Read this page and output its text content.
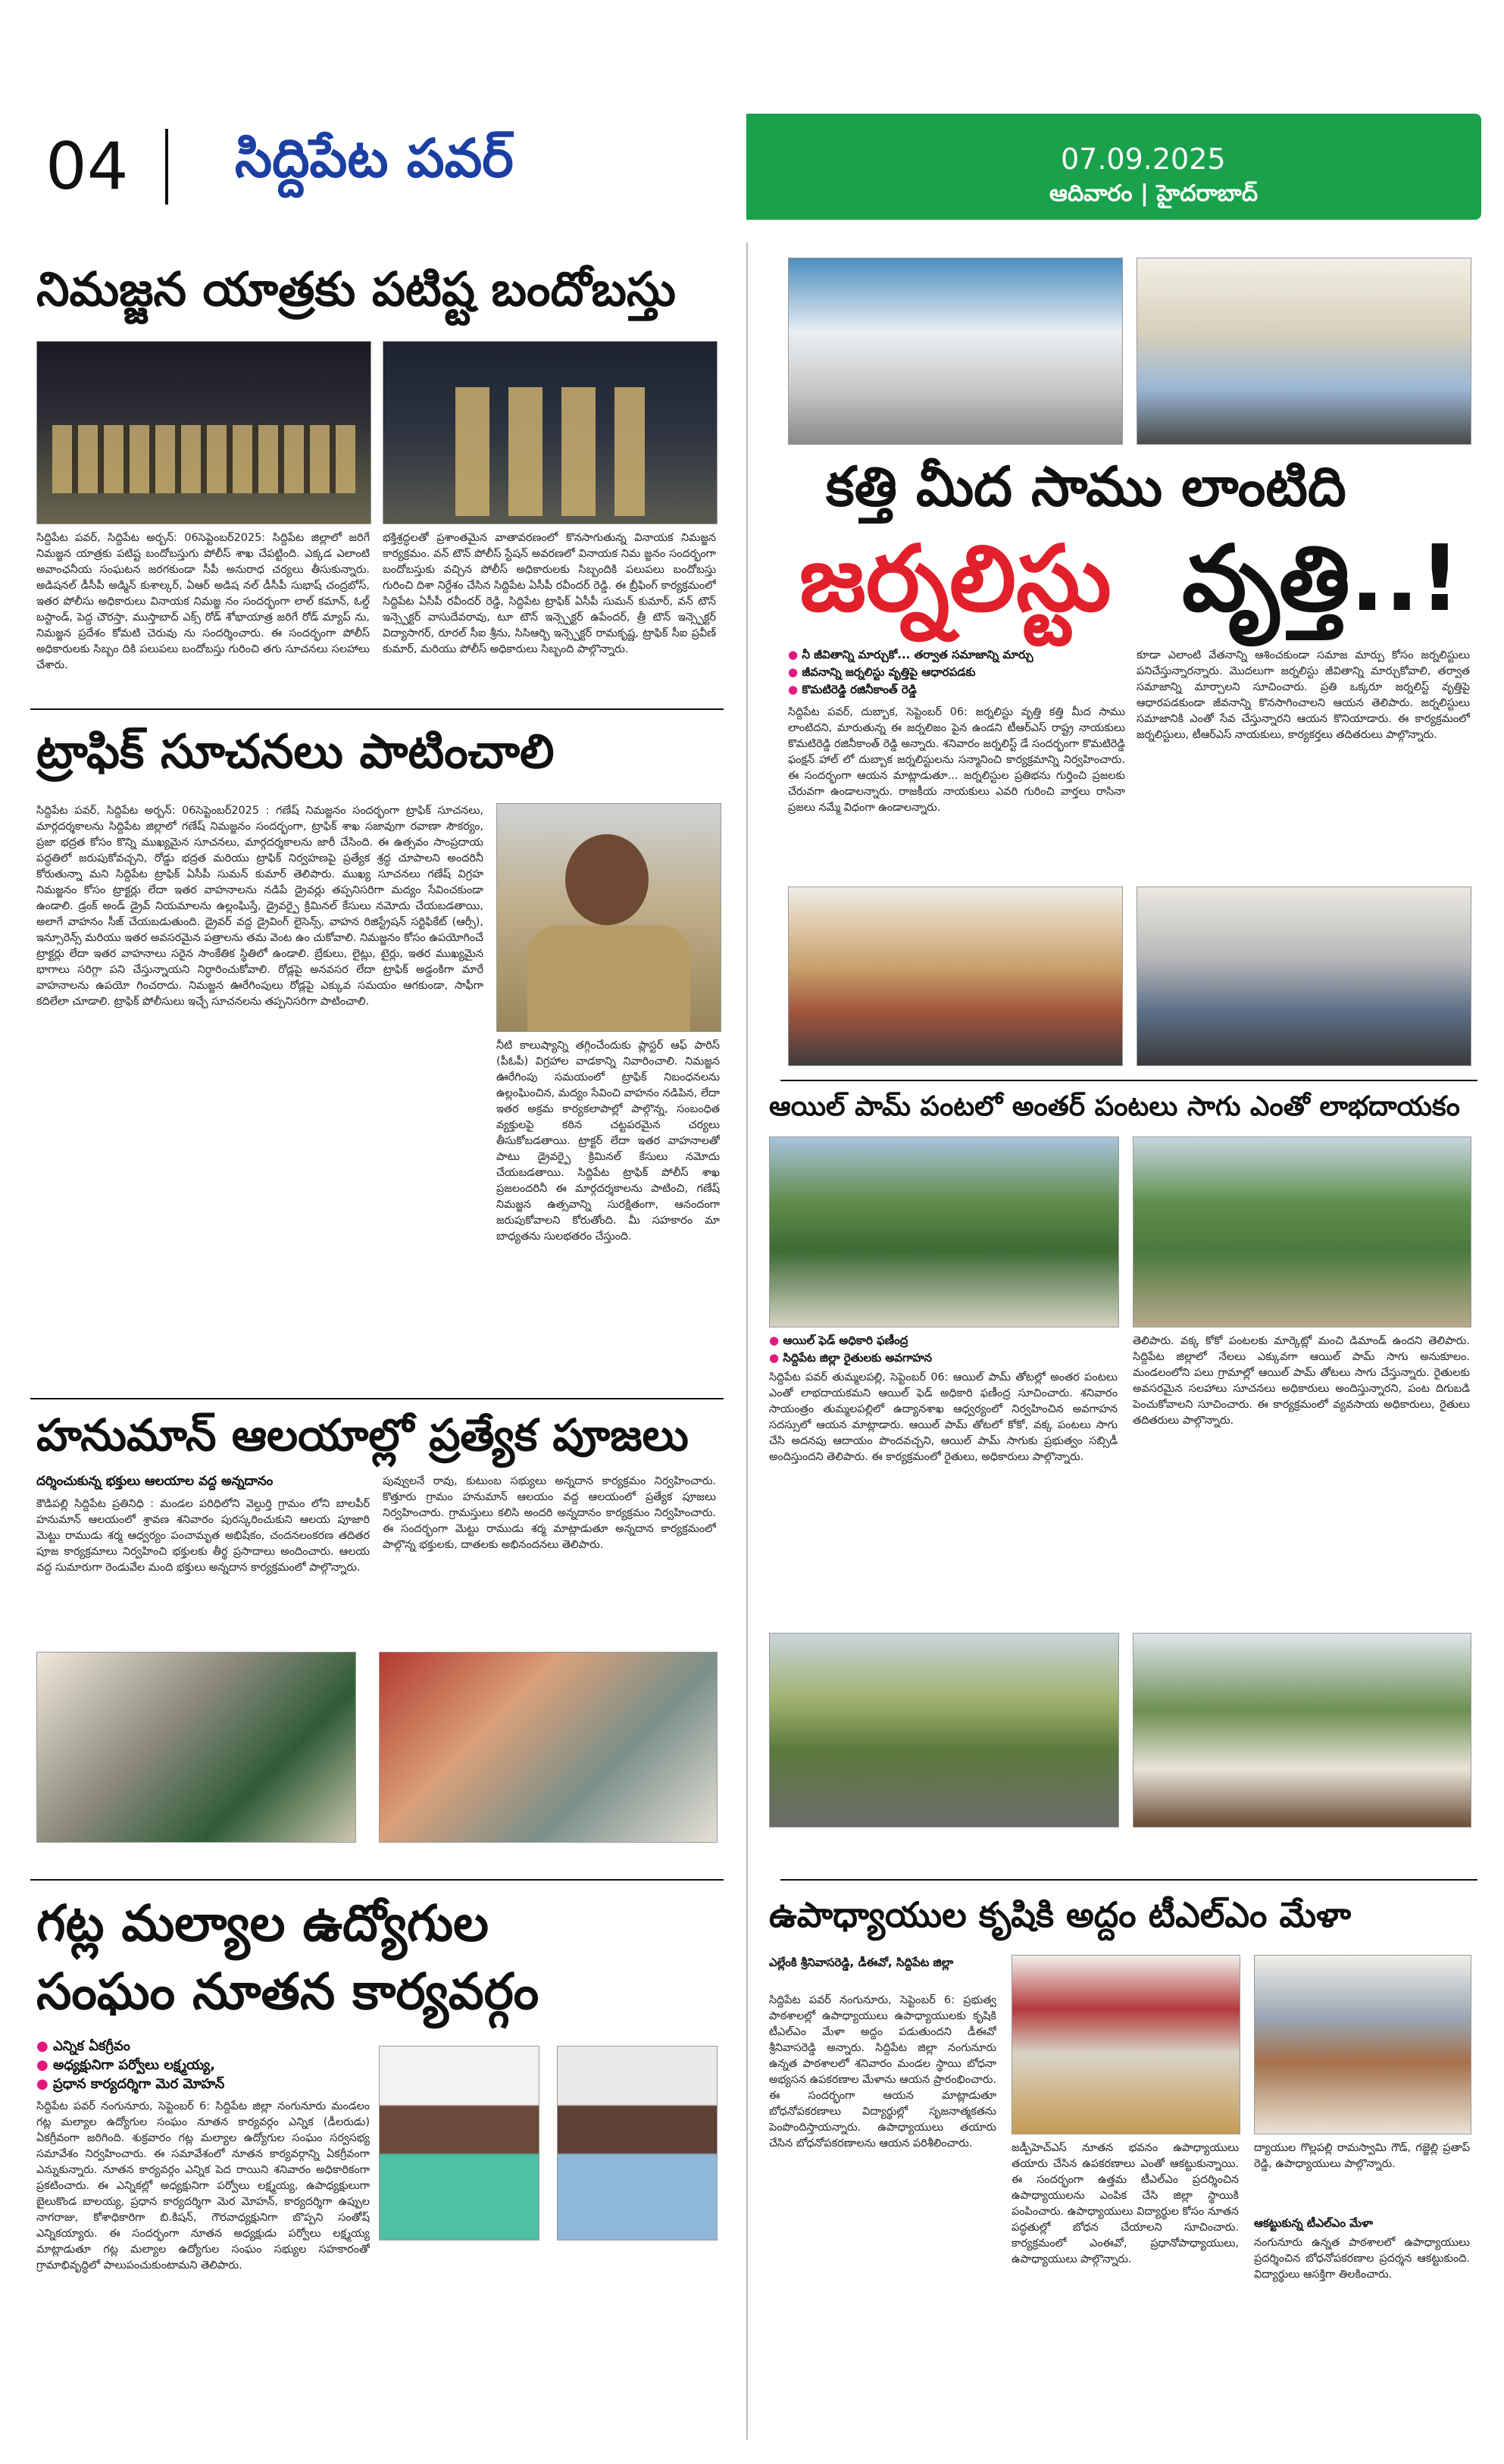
04 సిద్దిపేట పవర్	07.09.2025
ఆదివారం | హైదరాబాద్
నిమజ్జన యాత్రకు పటిష్ట బందోబస్తు
సిద్దిపేట పవర్, సిద్దిపేట అర్బన్: 06సెప్టెంబర్2025: సిద్దిపేట జిల్లాలో జరిగే నిమజ్జన యాత్రకు పటిష్ట బందోబస్తుగు పోలీస్ శాఖ చేపట్టింది. ఎక్కడ ఎలాంటి అవాంఛనీయ సంఘటన జరగకుండా సీపీ అనురాధ చర్యలు తీసుకున్నారు. అడిషనల్ డీసీపీ అడ్మిన్ కుశాల్కర్, ఏఆర్ అడిష నల్ డీసీపీ సుభాష్ చంద్రబోస్, ఇతర పోలీసు అధికారులు వినాయక నిమజ్జ నం సందర్భంగా లాల్ కమాన్, ఓల్డ్ బస్టాండ్, పెద్ద చౌరస్తా, ముస్తాబాద్ ఎక్స్ రోడ్ శోభాయాత్ర జరిగే రోడ్ మ్యాప్ ను, నిమజ్జన ప్రదేశం కోమటి చెరువు ను సందర్శించారు. ఈ సందర్భంగా పోలీస్ అధికారులకు సిబ్బం దికి పలుపలు బందోబస్తు గురించి తగు సూచనలు సలహాలు చేశారు.
భక్తిశ్రద్ధలతో ప్రశాంతమైన వాతావరణంలో కొనసాగుతున్న వినాయక నిమజ్జన కార్యక్రమం. వన్ టౌన్ పోలీస్ స్టేషన్ అవరణలో వినాయక నిమ జ్జనం సందర్భంగా బందోబస్తుకు వచ్చిన పోలీస్ అధికారులకు సిబ్బందికి పలుపలు బందోబస్తు గురించి దిశా నిర్దేశం చేసిన సిద్దిపేట ఏసీపీ రవీందర్ రెడ్డి. ఈ బ్రీఫింగ్ కార్యక్రమంలో సిద్దిపేట ఏసీపీ రవీందర్ రెడ్డి, సిద్దిపేట ట్రాఫిక్ ఏసీపీ సుమన్ కుమార్, వన్ టౌన్ ఇన్స్పెక్టర్ వాసుదేవరావు, టూ టౌన్ ఇన్స్పెక్టర్ ఉపేందర్, త్రీ టౌన్ ఇన్స్పెక్టర్ విద్యాసాగర్, రూరల్ సీఐ శ్రీను, సిసిఆర్బి ఇన్స్పెక్టర్ రామకృష్ణ, ట్రాఫిక్ సీఐ ప్రవీణ్ కుమార్, మరియు పోలీస్ అధికారులు సిబ్బంది పాల్గొన్నారు.
ట్రాఫిక్ సూచనలు పాటించాలి
సిద్దిపేట పవర్, సిద్దిపేట అర్బన్: 06సెప్టెంబర్2025 : గణేష్ నిమజ్జనం సందర్భంగా ట్రాఫిక్ సూచనలు, మార్గదర్శకాలను సిద్దిపేట జిల్లాలో గణేష్ నిమజ్జనం సందర్భంగా, ట్రాఫిక్ శాఖ సజావుగా రవాణా సౌకర్యం, ప్రజా భద్రత కోసం కొన్ని ముఖ్యమైన సూచనలు, మార్గదర్శకాలను జారీ చేసింది. ఈ ఉత్సవం సాంప్రదాయ పద్ధతిలో జరుపుకోవచ్చని, రోడ్డు భద్రత మరియు ట్రాఫిక్ నిర్వహణపై ప్రత్యేక శ్రద్ధ చూపాలని అందరినీ కోరుతున్నా మని సిద్దిపేట ట్రాఫిక్ ఏసీపీ సుమన్ కుమార్ తెలిపారు. ముఖ్య సూచనలు గణేష్ విగ్రహ నిమజ్జనం కోసం ట్రాక్టర్లు లేదా ఇతర వాహనాలను నడిపే డ్రైవర్లు తప్పనిసరిగా మద్యం సేవించకుండా ఉండాలి. డ్రంక్ అండ్ డ్రైవ్ నియమాలను ఉల్లంఘిస్తే, డ్రైవర్పై క్రిమినల్ కేసులు నమోదు చేయబడతాయి, అలాగే వాహనం సీజ్ చేయబడుతుంది. డ్రైవర్ వద్ద డ్రైవింగ్ లైసెన్స్, వాహన రిజిస్ట్రేషన్ సర్టిఫికేట్ (ఆర్సీ), ఇన్సూరెన్స్ మరియు ఇతర అవసరమైన పత్రాలను తమ వెంట ఉం చుకోవాలి. నిమజ్జనం కోసం ఉపయోగించే ట్రాక్టర్లు లేదా ఇతర వాహనాలు సరైన సాంకేతిక స్థితిలో ఉండాలి. బ్రేకులు, లైట్లు, టైర్లు, ఇతర ముఖ్యమైన భాగాలు సరిగ్గా పని చేస్తున్నాయని నిర్ధారించుకోవాలి. రోడ్లపై అనవసర లేదా ట్రాఫిక్ అడ్డంకిగా మారే వాహనాలను ఉపయో గించరాదు. నిమజ్జన ఊరేగింపులు రోడ్లపై ఎక్కువ సమయం ఆగకుండా, సాఫీగా కదిలేలా చూడాలి. ట్రాఫిక్ పోలీసులు ఇచ్చే సూచనలను తప్పనిసరిగా పాటించాలి.
నీటి కాలుష్యాన్ని తగ్గించేందుకు ప్లాస్టర్ ఆఫ్ పారిస్ (పీఓపీ) విగ్రహాల వాడకాన్ని నివారించాలి. నిమజ్జన ఊరేగింపు సమయంలో ట్రాఫిక్ నిబంధనలను ఉల్లంఘించిన, మద్యం సేవించి వాహనం నడిపిన, లేదా ఇతర అక్రమ కార్యకలాపాల్లో పాల్గొన్న, సంబంధిత వ్యక్తులపై కఠిన చట్టపరమైన చర్యలు తీసుకోబడతాయి. ట్రాక్టర్ లేదా ఇతర వాహనాలతో పాటు డ్రైవర్పై క్రిమినల్ కేసులు నమోదు చేయబడతాయి. సిద్దిపేట ట్రాఫిక్ పోలీస్ శాఖ ప్రజలందరినీ ఈ మార్గదర్శకాలను పాటించి, గణేష్ నిమజ్జన ఉత్సవాన్ని సురక్షితంగా, ఆనందంగా జరుపుకోవాలని కోరుతోంది. మీ సహకారం మా బాధ్యతను సులభతరం చేస్తుంది.
హనుమాన్ ఆలయాల్లో ప్రత్యేక పూజలు
దర్శించుకున్న భక్తులు ఆలయాల వద్ద అన్నదానం
కౌడిపల్లి సిద్దిపేట ప్రతినిధి : మండల పరిధిలోని వెల్దుర్తి గ్రామం లోని బాలపీర్ హనుమాన్ ఆలయంలో శ్రావణ శనివారం పురస్కరించుకుని ఆలయ పూజారి మెట్టు రాముడు శర్మ ఆధ్వర్యం పంచామృత అభిషేకం, చందనలంకరణ తదితర పూజ కార్యక్రమాలు నిర్వహించి భక్తులకు తీర్థ ప్రసాదాలు అందించారు. ఆలయ వద్ద సుమారుగా రెండువేల మంది భక్తులు అన్నదాన కార్యక్రమంలో పాల్గొన్నారు.
పువ్వులనే రావు, కుటుంబ సభ్యులు అన్నదాన కార్యక్రమం నిర్వహించారు. కొత్తూరు గ్రామం హనుమాన్ ఆలయం వద్ద ఆలయంలో ప్రత్యేక పూజలు నిర్వహించారు. గ్రామస్తులు కలిసి అందరి అన్నదానం కార్యక్రమం నిర్వహించారు. ఈ సందర్భంగా మెట్టు రాముడు శర్మ మాట్లాడుతూ అన్నదాన కార్యక్రమంలో పాల్గొన్న భక్తులకు, దాతలకు అభినందనలు తెలిపారు.
గట్ల మల్యాల ఉద్యోగుల
సంఘం నూతన కార్యవర్గం
● ఎన్నిక ఏకగ్రీవం
● అధ్యక్షునిగా పర్వోలు లక్ష్మయ్య,
● ప్రధాన కార్యదర్శిగా మెర మోహన్
సిద్దిపేట పవర్ నంగునూరు, సెప్టెంబర్ 6: సిద్దిపేట జిల్లా నంగునూరు మండలం గట్ల మల్యాల ఉద్యోగుల సంఘం నూతన కార్యవర్గం ఎన్నిక (డీలరుడు) ఏకగ్రీవంగా జరిగింది. శుక్రవారం గట్ల మల్యాల ఉద్యోగుల సంఘం సర్వసభ్య సమావేశం నిర్వహించారు. ఈ సమావేశంలో నూతన కార్యవర్గాన్ని ఏకగ్రీవంగా ఎన్నుకున్నారు. నూతన కార్యవర్గం ఎన్నిక పెద రాయిని శనివారం అధికారికంగా ప్రకటించారు. ఈ ఎన్నికల్లో అధ్యక్షునిగా పర్వోలు లక్ష్మయ్య, ఉపాధ్యక్షులుగా బైలుకొండ బాలయ్య, ప్రధాన కార్యదర్శిగా మెర మోహన్, కార్యదర్శిగా ఉప్పుల నాగరాజు, కోశాధికారిగా బి.కిషన్, గౌరవాధ్యక్షునిగా బొప్పని సంతోష్ ఎన్నికయ్యారు. ఈ సందర్భంగా నూతన అధ్యక్షుడు పర్వోలు లక్ష్మయ్య మాట్లాడుతూ గట్ల మల్యాల ఉద్యోగుల సంఘం సభ్యుల సహకారంతో గ్రామాభివృద్ధిలో పాలుపంచుకుంటామని తెలిపారు.
కత్తి మీద సాము లాంటిది
జర్నలిస్టు వృత్తి..!
● నీ జీవితాన్ని మార్చుకో... తర్వాత సమాజాన్ని మార్చు
● జీవనాన్ని జర్నలిస్టు వృత్తిపై ఆధారపడకు
● కొమటిరెడ్డి రజినీకాంత్ రెడ్డి
సిద్దిపేట పవర్, దుబ్బాక, సెప్టెంబర్ 06: జర్నలిస్టు వృత్తి కత్తి మీద సాము లాంటిదని, మారుతున్న ఈ జర్నలిజం పైన ఉండని టీఆర్ఎస్ రాష్ట్ర నాయకులు కొమటిరెడ్డి రజినీకాంత్ రెడ్డి అన్నారు. శనివారం జర్నలిస్ట్ డే సందర్భంగా కొమటిరెడ్డి ఫంక్షన్ హాల్ లో దుబ్బాక జర్నలిస్టులను సన్మానించి కార్యక్రమాన్ని నిర్వహించారు. ఈ సందర్భంగా ఆయన మాట్లాడుతూ... జర్నలిస్టుల ప్రతిభను గుర్తించి ప్రజలకు చేరువగా ఉండాలన్నారు. రాజకీయ నాయకులు ఎవరి గురించి వార్తలు రాసినా ప్రజలు నమ్మే విధంగా ఉండాలన్నారు.
కూడా ఎలాంటి వేతనాన్ని ఆశించకుండా సమాజ మార్పు కోసం జర్నలిస్టులు పనిచేస్తున్నారన్నారు. మొదలుగా జర్నలిస్టు జీవితాన్ని మార్చుకోవాలి, తర్వాత సమాజాన్ని మార్చాలని సూచించారు. ప్రతి ఒక్కరూ జర్నలిస్ట్ వృత్తిపై ఆధారపడకుండా జీవనాన్ని కొనసాగించాలని ఆయన తెలిపారు. జర్నలిస్టులు సమాజానికి ఎంతో సేవ చేస్తున్నారని ఆయన కొనియాడారు. ఈ కార్యక్రమంలో జర్నలిస్టులు, టీఆర్ఎస్ నాయకులు, కార్యకర్తలు తదితరులు పాల్గొన్నారు.
ఆయిల్ పామ్ పంటలో అంతర్ పంటలు సాగు ఎంతో లాభదాయకం
● ఆయిల్ ఫెడ్ అధికారి ఫణీంద్ర
● సిద్దిపేట జిల్లా రైతులకు అవగాహన
సిద్దిపేట పవర్ తుమ్మలపల్లి, సెప్టెంబర్ 06: ఆయిల్ పామ్ తోటల్లో అంతర పంటలు ఎంతో లాభదాయకమని ఆయిల్ ఫెడ్ అధికారి ఫణీంద్ర సూచించారు. శనివారం సాయంత్రం తుమ్మలపల్లిలో ఉద్యానశాఖ ఆధ్వర్యంలో నిర్వహించిన అవగాహన సదస్సులో ఆయన మాట్లాడారు. ఆయిల్ పామ్ తోటలో కోకో, వక్క పంటలు సాగు చేసి అదనపు ఆదాయం పొందవచ్చని, ఆయిల్ పామ్ సాగుకు ప్రభుత్వం సబ్సిడీ అందిస్తుందని తెలిపారు. ఈ కార్యక్రమంలో రైతులు, అధికారులు పాల్గొన్నారు.
తెలిపారు. వక్క కోకో పంటలకు మార్కెట్లో మంచి డిమాండ్ ఉందని తెలిపారు. సిద్దిపేట జిల్లాలో నేలలు ఎక్కువగా ఆయిల్ పామ్ సాగు అనుకూలం. మండలంలోని పలు గ్రామాల్లో ఆయిల్ పామ్ తోటలు సాగు చేస్తున్నారు. రైతులకు అవసరమైన సలహాలు సూచనలు అధికారులు అందిస్తున్నారని, పంట దిగుబడి పెంచుకోవాలని సూచించారు. ఈ కార్యక్రమంలో వ్యవసాయ అధికారులు, రైతులు తదితరులు పాల్గొన్నారు.
ఉపాధ్యాయుల కృషికి అద్దం టీఎల్ఎం మేళా
ఎల్లేంకి శ్రీనివాసరెడ్డి, డీఈవో, సిద్దిపేట జిల్లా
సిద్దిపేట పవర్ నంగునూరు, సెప్టెంబర్ 6: ప్రభుత్వ పాఠశాలల్లో ఉపాధ్యాయులు ఉపాధ్యాయులకు కృషికి టీఎల్ఎం మేళా అద్దం పడుతుందని డీఈవో శ్రీనివాసరెడ్డి అన్నారు. సిద్దిపేట జిల్లా నంగునూరు ఉన్నత పాఠశాలలో శనివారం మండల స్థాయి బోధనా అభ్యసన ఉపకరణాల మేళాను ఆయన ప్రారంభించారు. ఈ సందర్భంగా ఆయన మాట్లాడుతూ బోధనోపకరణాలు విద్యార్థుల్లో సృజనాత్మకతను పెంపొందిస్తాయన్నారు. ఉపాధ్యాయులు తయారు చేసిన బోధనోపకరణాలను ఆయన పరిశీలించారు.	జడ్పీహెచ్ఎస్ నూతన భవనం ఉపాధ్యాయులు తయారు చేసిన ఉపకరణాలు ఎంతో ఆకట్టుకున్నాయి. ఈ సందర్భంగా ఉత్తమ టీఎల్ఎం ప్రదర్శించిన ఉపాధ్యాయులను ఎంపిక చేసి జిల్లా స్థాయికి పంపించారు. ఉపాధ్యాయులు విద్యార్థుల కోసం నూతన పద్ధతుల్లో బోధన చేయాలని సూచించారు. కార్యక్రమంలో ఎంఈవో, ప్రధానోపాధ్యాయులు, ఉపాధ్యాయులు పాల్గొన్నారు.
ద్యాయుల గొల్లపల్లి రామస్వామి గౌడ్, గజ్జెల్లి ప్రతాప్ రెడ్డి, ఉపాధ్యాయులు పాల్గొన్నారు.
ఆకట్టుకున్న టీఎల్ఎం మేళా
నంగునూరు ఉన్నత పాఠశాలలో ఉపాధ్యాయులు ప్రదర్శించిన బోధనోపకరణాల ప్రదర్శన ఆకట్టుకుంది. విద్యార్థులు ఆసక్తిగా తిలకించారు.
